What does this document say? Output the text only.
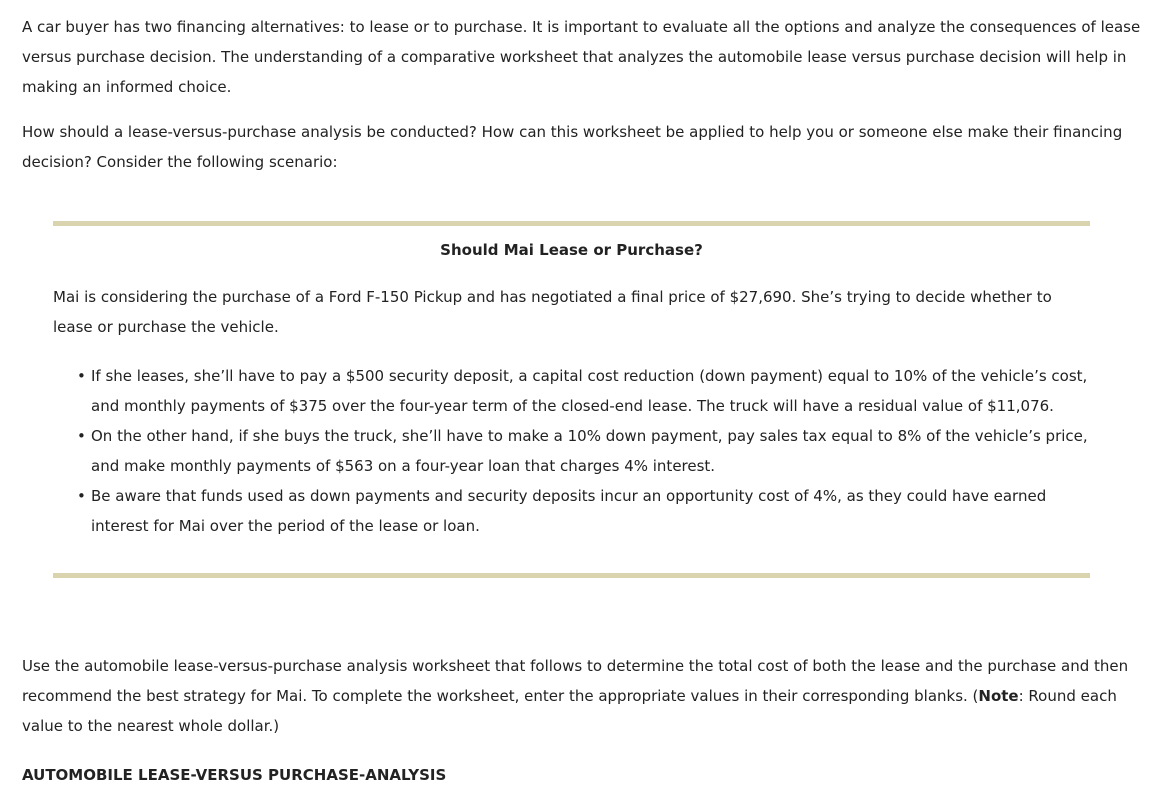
A car buyer has two financing alternatives: to lease or to purchase. It is important to evaluate all the options and analyze the consequences of lease versus purchase decision. The understanding of a comparative worksheet that analyzes the automobile lease versus purchase decision will help in making an informed choice.

How should a lease-versus-purchase analysis be conducted? How can this worksheet be applied to help you or someone else make their financing decision? Consider the following scenario:

Should Mai Lease or Purchase?

Mai is considering the purchase of a Ford F-150 Pickup and has negotiated a final price of $27,690. She’s trying to decide whether to lease or purchase the vehicle.

• If she leases, she’ll have to pay a $500 security deposit, a capital cost reduction (down payment) equal to 10% of the vehicle’s cost, and monthly payments of $375 over the four-year term of the closed-end lease. The truck will have a residual value of $11,076.
• On the other hand, if she buys the truck, she’ll have to make a 10% down payment, pay sales tax equal to 8% of the vehicle’s price, and make monthly payments of $563 on a four-year loan that charges 4% interest.
• Be aware that funds used as down payments and security deposits incur an opportunity cost of 4%, as they could have earned interest for Mai over the period of the lease or loan.

Use the automobile lease-versus-purchase analysis worksheet that follows to determine the total cost of both the lease and the purchase and then recommend the best strategy for Mai. To complete the worksheet, enter the appropriate values in their corresponding blanks. (Note: Round each value to the nearest whole dollar.)

AUTOMOBILE LEASE-VERSUS PURCHASE-ANALYSIS
